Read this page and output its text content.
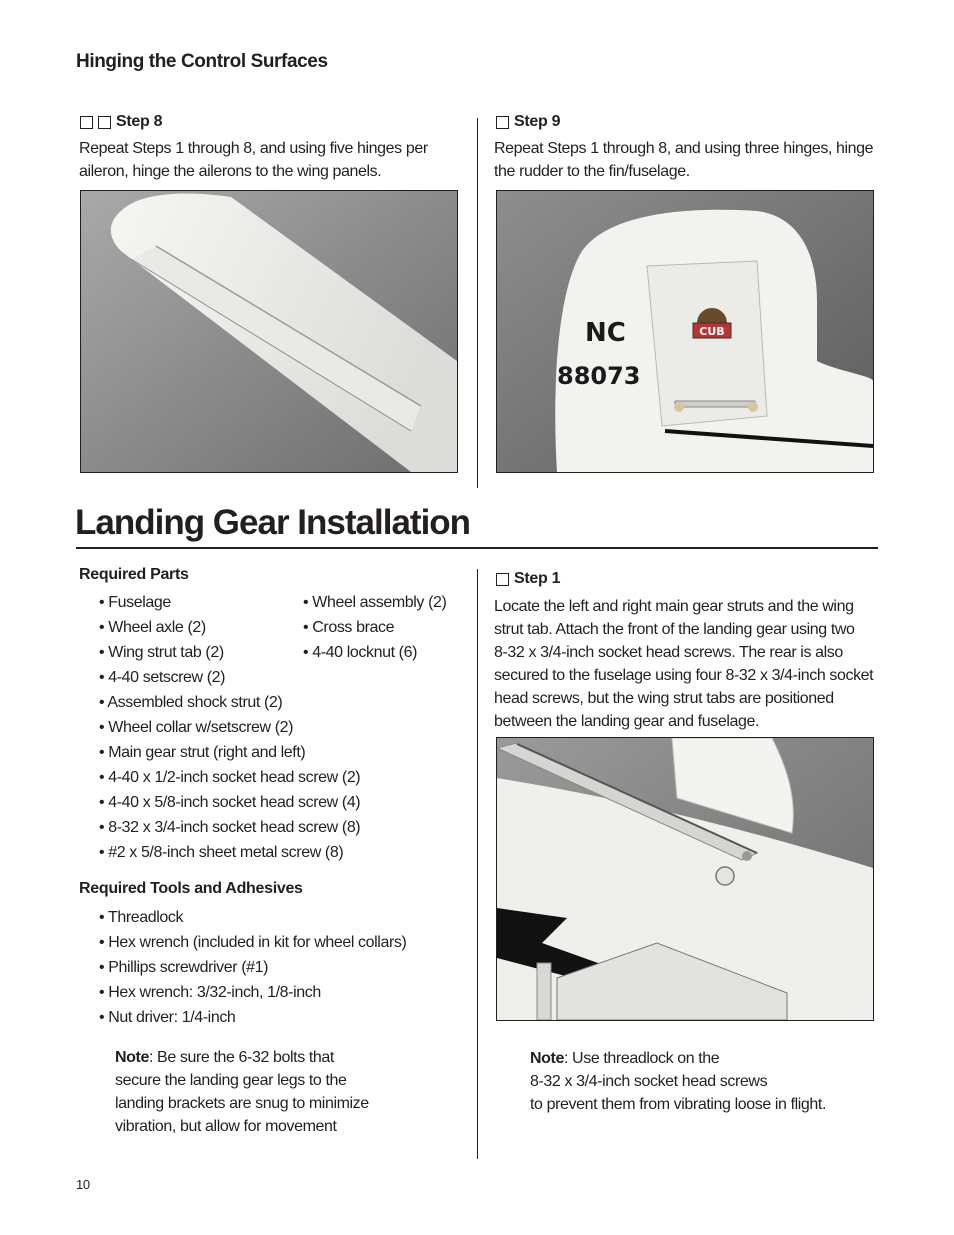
Hinging the Control Surfaces
Step 8
Repeat Steps 1 through 8, and using five hinges per
aileron, hinge the ailerons to the wing panels.
Step 9
Repeat Steps 1 through 8, and using three hinges, hinge
the rudder to the fin/fuselage.
NC
88073
CUB
Landing Gear Installation
Required Parts
• Fuselage
• Wheel axle (2)
• Wing strut tab (2)
• 4-40 setscrew (2)
• Assembled shock strut (2)
• Wheel collar w/setscrew (2)
• Main gear strut (right and left)
• 4-40 x 1/2-inch socket head screw (2)
• 4-40 x 5/8-inch socket head screw (4)
• 8-32 x 3/4-inch socket head screw (8)
• #2 x 5/8-inch sheet metal screw (8)
• Wheel assembly (2)
• Cross brace
• 4-40 locknut (6)
Required Tools and Adhesives
• Threadlock
• Hex wrench (included in kit for wheel collars)
• Phillips screwdriver (#1)
• Hex wrench: 3/32-inch, 1/8-inch
• Nut driver: 1/4-inch
Note: Be sure the 6-32 bolts that
secure the landing gear legs to the
landing brackets are snug to minimize
vibration, but allow for movement
Step 1
Locate the left and right main gear struts and the wing
strut tab. Attach the front of the landing gear using two
8-32 x 3/4-inch socket head screws. The rear is also
secured to the fuselage using four 8-32 x 3/4-inch socket
head screws, but the wing strut tabs are positioned
between the landing gear and fuselage.
Note: Use threadlock on the
8-32 x 3/4-inch socket head screws
to prevent them from vibrating loose in flight.
10
